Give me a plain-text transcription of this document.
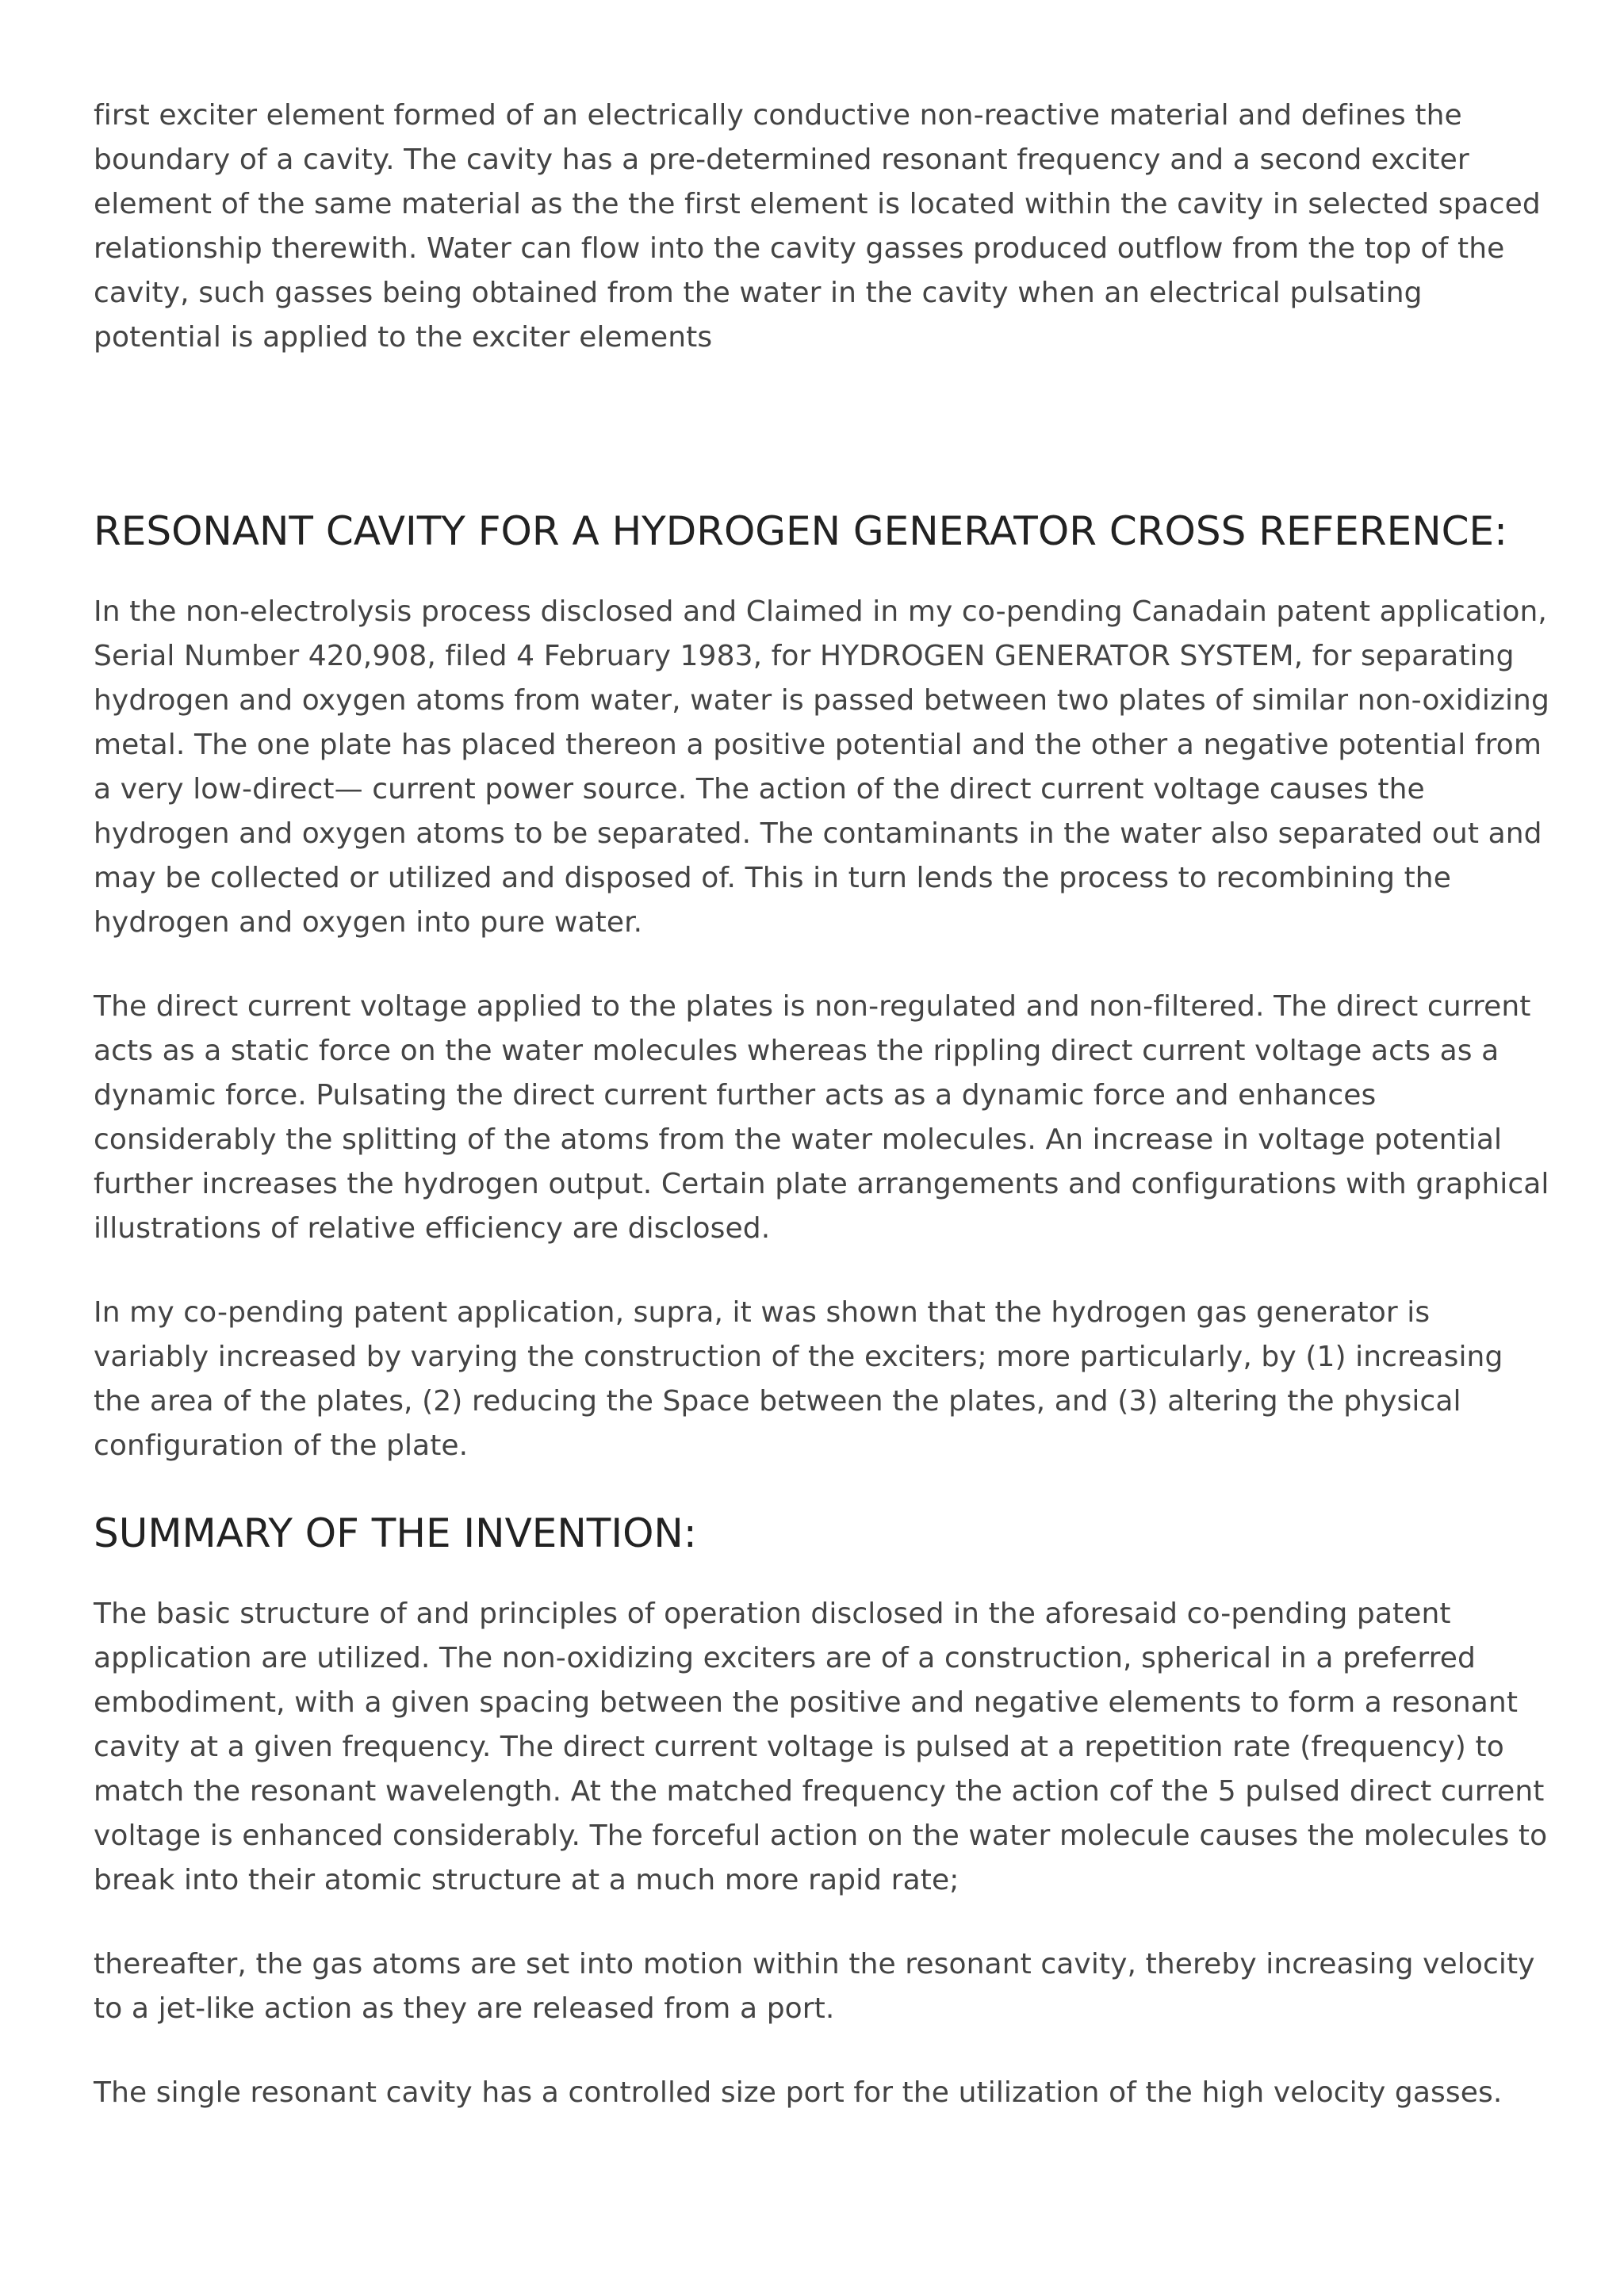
first exciter element formed of an electrically conductive non-reactive material and defines the boundary of a cavity. The cavity has a pre-determined resonant frequency and a second exciter element of the same material as the the first element is located within the cavity in selected spaced relationship therewith. Water can flow into the cavity gasses produced outflow from the top of the cavity, such gasses being obtained from the water in the cavity when an electrical pulsating potential is applied to the exciter elements

RESONANT CAVITY FOR A HYDROGEN GENERATOR CROSS REFERENCE:

In the non-electrolysis process disclosed and Claimed in my co-pending Canadain patent application, Serial Number 420,908, filed 4 February 1983, for HYDROGEN GENERATOR SYSTEM, for separating hydrogen and oxygen atoms from water, water is passed between two plates of similar non-oxidizing metal. The one plate has placed thereon a positive potential and the other a negative potential from a very low-direct— current power source. The action of the direct current voltage causes the hydrogen and oxygen atoms to be separated. The contaminants in the water also separated out and may be collected or utilized and disposed of. This in turn lends the process to recombining the hydrogen and oxygen into pure water.

The direct current voltage applied to the plates is non-regulated and non-filtered. The direct current acts as a static force on the water molecules whereas the rippling direct current voltage acts as a dynamic force. Pulsating the direct current further acts as a dynamic force and enhances considerably the splitting of the atoms from the water molecules. An increase in voltage potential further increases the hydrogen output. Certain plate arrangements and configurations with graphical illustrations of relative efficiency are disclosed.

In my co-pending patent application, supra, it was shown that the hydrogen gas generator is variably increased by varying the construction of the exciters; more particularly, by (1) increasing the area of the plates, (2) reducing the Space between the plates, and (3) altering the physical configuration of the plate.

SUMMARY OF THE INVENTION:

The basic structure of and principles of operation disclosed in the aforesaid co-pending patent application are utilized. The non-oxidizing exciters are of a construction, spherical in a preferred embodiment, with a given spacing between the positive and negative elements to form a resonant cavity at a given frequency. The direct current voltage is pulsed at a repetition rate (frequency) to match the resonant wavelength. At the matched frequency the action cof the 5 pulsed direct current voltage is enhanced considerably. The forceful action on the water molecule causes the molecules to break into their atomic structure at a much more rapid rate;

thereafter, the gas atoms are set into motion within the resonant cavity, thereby increasing velocity to a jet-like action as they are released from a port.

The single resonant cavity has a controlled size port for the utilization of the high velocity gasses.
